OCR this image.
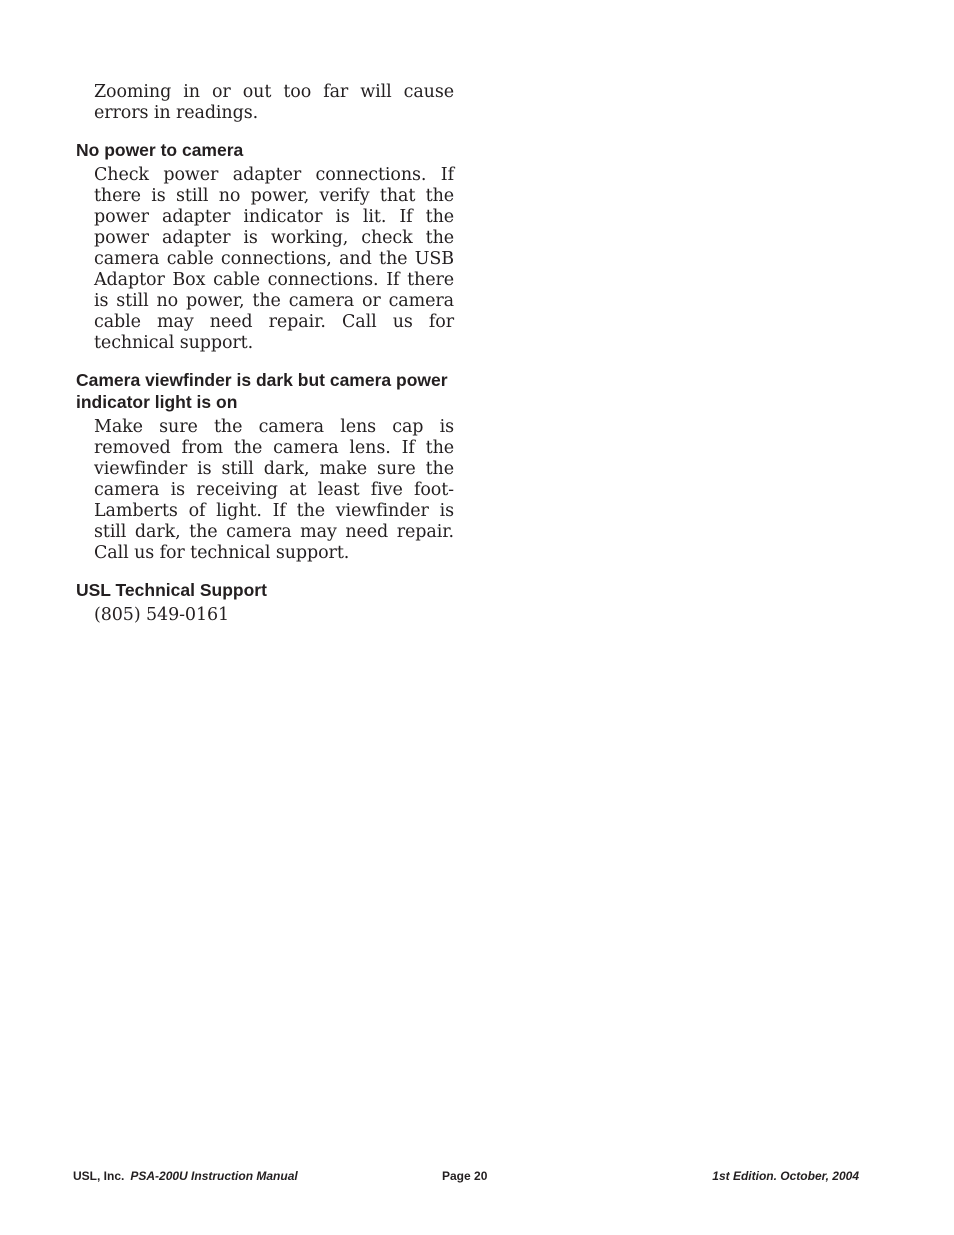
Zooming in or out too far will cause errors in readings.

No power to camera

Check power adapter connections. If there is still no power, verify that the power adapter indicator is lit. If the power adapter is working, check the camera cable connections, and the USB Adaptor Box cable connections. If there is still no power, the camera or camera cable may need repair. Call us for technical support.

Camera viewfinder is dark but camera power indicator light is on

Make sure the camera lens cap is removed from the camera lens. If the viewfinder is still dark, make sure the camera is receiving at least five foot-Lamberts of light. If the viewfinder is still dark, the camera may need repair. Call us for technical support.

USL Technical Support

(805) 549-0161

USL, Inc. PSA-200U Instruction Manual	Page 20	1st Edition. October, 2004
